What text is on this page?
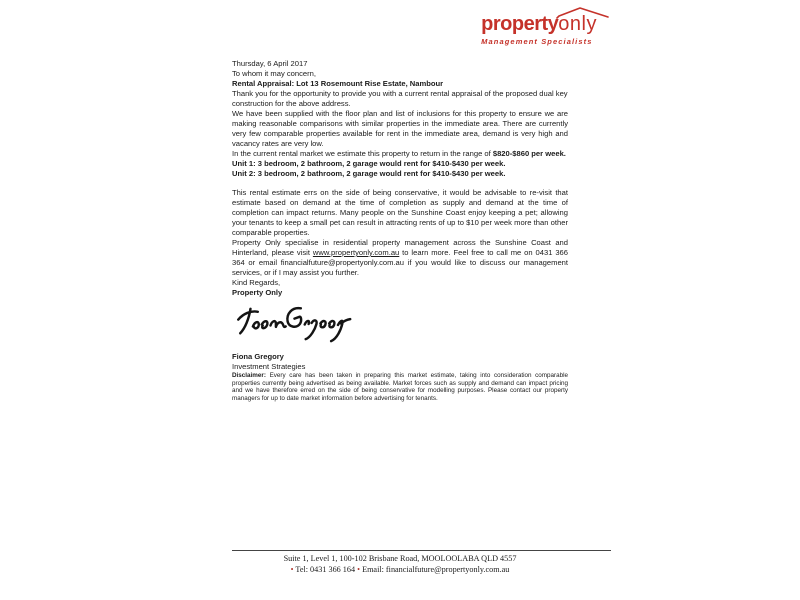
property
only
Management Specialists

Thursday, 6 April 2017

To whom it may concern,

Rental Appraisal: Lot 13 Rosemount Rise Estate, Nambour

Thank you for the opportunity to provide you with a current rental appraisal of the proposed dual key construction for the above address.

We have been supplied with the floor plan and list of inclusions for this property to ensure we are making reasonable comparisons with similar properties in the immediate area. There are currently very few comparable properties available for rent in the immediate area, demand is very high and vacancy rates are very low.

In the current rental market we estimate this property to return in the range of $820-$860 per week.

Unit 1: 3 bedroom, 2 bathroom, 2 garage would rent for $410-$430 per week.

Unit 2: 3 bedroom, 2 bathroom, 2 garage would rent for $410-$430 per week.

This rental estimate errs on the side of being conservative, it would be advisable to re-visit that estimate based on demand at the time of completion as supply and demand at the time of completion can impact returns. Many people on the Sunshine Coast enjoy keeping a pet; allowing your tenants to keep a small pet can result in attracting rents of up to $10 per week more than other comparable properties.

Property Only specialise in residential property management across the Sunshine Coast and Hinterland, please visit www.propertyonly.com.au to learn more. Feel free to call me on 0431 366 364 or email financialfuture@propertyonly.com.au if you would like to discuss our management services, or if I may assist you further.

Kind Regards,

Property Only

Fiona Gregory

Investment Strategies

Disclaimer: Every care has been taken in preparing this market estimate, taking into consideration comparable properties currently being advertised as being available. Market forces such as supply and demand can impact pricing and we have therefore erred on the side of being conservative for modelling purposes. Please contact our property managers for up to date market information before advertising for tenants.

Suite 1, Level 1, 100-102 Brisbane Road, MOOLOOLABA QLD 4557
• Tel: 0431 366 164 • Email: financialfuture@propertyonly.com.au
